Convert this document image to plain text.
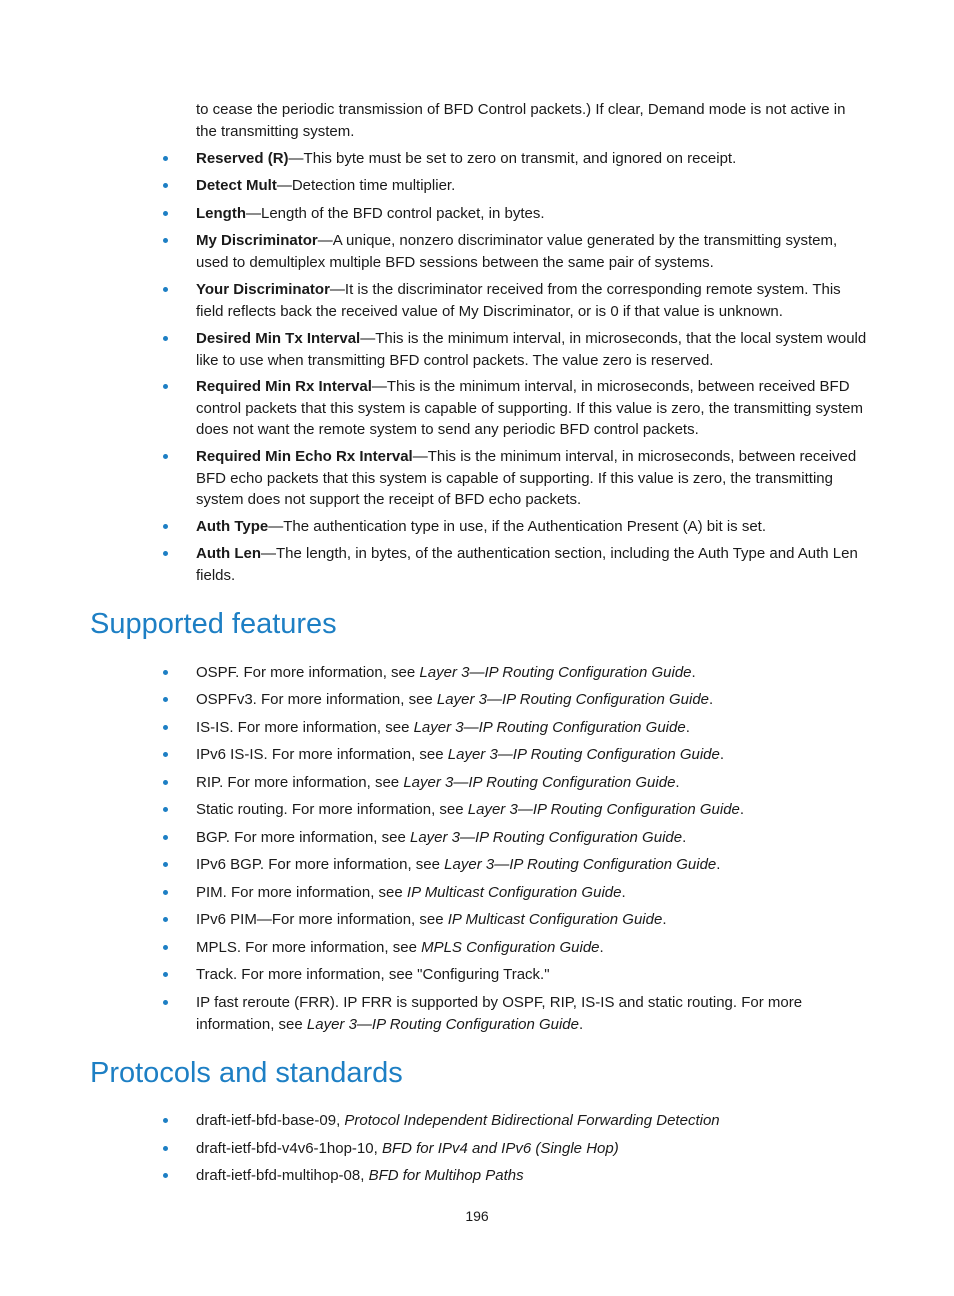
to cease the periodic transmission of BFD Control packets.) If clear, Demand mode is not active in the transmitting system.
Reserved (R)—This byte must be set to zero on transmit, and ignored on receipt.
Detect Mult—Detection time multiplier.
Length—Length of the BFD control packet, in bytes.
My Discriminator—A unique, nonzero discriminator value generated by the transmitting system, used to demultiplex multiple BFD sessions between the same pair of systems.
Your Discriminator—It is the discriminator received from the corresponding remote system. This field reflects back the received value of My Discriminator, or is 0 if that value is unknown.
Desired Min Tx Interval—This is the minimum interval, in microseconds, that the local system would like to use when transmitting BFD control packets. The value zero is reserved.
Required Min Rx Interval—This is the minimum interval, in microseconds, between received BFD control packets that this system is capable of supporting. If this value is zero, the transmitting system does not want the remote system to send any periodic BFD control packets.
Required Min Echo Rx Interval—This is the minimum interval, in microseconds, between received BFD echo packets that this system is capable of supporting. If this value is zero, the transmitting system does not support the receipt of BFD echo packets.
Auth Type—The authentication type in use, if the Authentication Present (A) bit is set.
Auth Len—The length, in bytes, of the authentication section, including the Auth Type and Auth Len fields.
Supported features
OSPF. For more information, see Layer 3—IP Routing Configuration Guide.
OSPFv3. For more information, see Layer 3—IP Routing Configuration Guide.
IS-IS. For more information, see Layer 3—IP Routing Configuration Guide.
IPv6 IS-IS. For more information, see Layer 3—IP Routing Configuration Guide.
RIP. For more information, see Layer 3—IP Routing Configuration Guide.
Static routing. For more information, see Layer 3—IP Routing Configuration Guide.
BGP. For more information, see Layer 3—IP Routing Configuration Guide.
IPv6 BGP. For more information, see Layer 3—IP Routing Configuration Guide.
PIM. For more information, see IP Multicast Configuration Guide.
IPv6 PIM—For more information, see IP Multicast Configuration Guide.
MPLS. For more information, see MPLS Configuration Guide.
Track. For more information, see "Configuring Track."
IP fast reroute (FRR). IP FRR is supported by OSPF, RIP, IS-IS and static routing. For more information, see Layer 3—IP Routing Configuration Guide.
Protocols and standards
draft-ietf-bfd-base-09, Protocol Independent Bidirectional Forwarding Detection
draft-ietf-bfd-v4v6-1hop-10, BFD for IPv4 and IPv6 (Single Hop)
draft-ietf-bfd-multihop-08, BFD for Multihop Paths
196
